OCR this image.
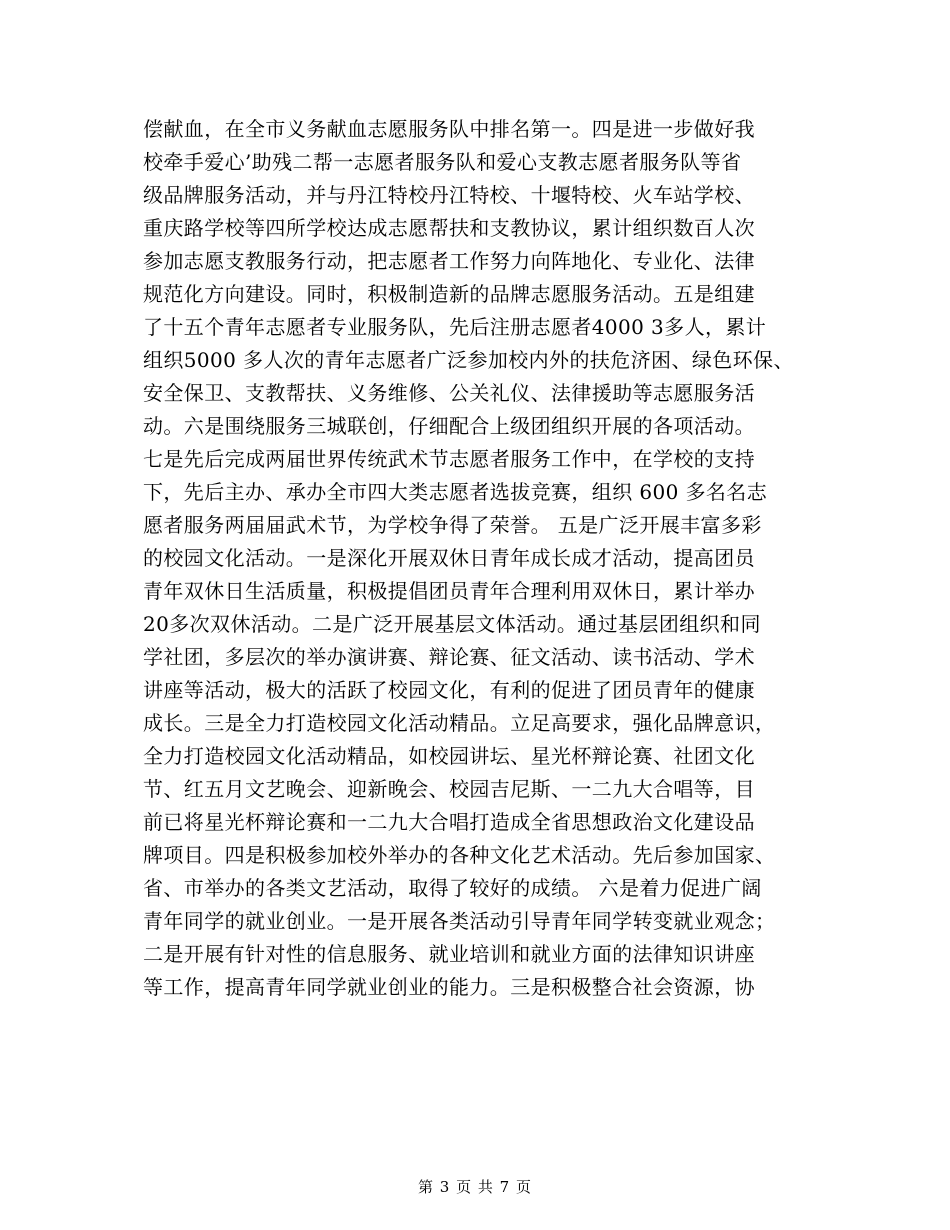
偿献血，在全市义务献血志愿服务队中排名第一。四是进一步做好我
校牵手爱心’助残二帮一志愿者服务队和爱心支教志愿者服务队等省
级品牌服务活动，并与丹江特校丹江特校、十堰特校、火车站学校、
重庆路学校等四所学校达成志愿帮扶和支教协议，累计组织数百人次
参加志愿支教服务行动，把志愿者工作努力向阵地化、专业化、法律
规范化方向建设。同时，积极制造新的品牌志愿服务活动。五是组建
了十五个青年志愿者专业服务队，先后注册志愿者4000 3多人，累计
组织5000 多人次的青年志愿者广泛参加校内外的扶危济困、绿色环保、
安全保卫、支教帮扶、义务维修、公关礼仪、法律援助等志愿服务活
动。六是围绕服务三城联创，仔细配合上级团组织开展的各项活动。
七是先后完成两届世界传统武术节志愿者服务工作中，在学校的支持
下，先后主办、承办全市四大类志愿者选拔竞赛，组织 600 多名名志
愿者服务两届届武术节，为学校争得了荣誉。 五是广泛开展丰富多彩
的校园文化活动。一是深化开展双休日青年成长成才活动，提高团员
青年双休日生活质量，积极提倡团员青年合理利用双休日，累计举办
20多次双休活动。二是广泛开展基层文体活动。通过基层团组织和同
学社团，多层次的举办演讲赛、辩论赛、征文活动、读书活动、学术
讲座等活动，极大的活跃了校园文化，有利的促进了团员青年的健康
成长。三是全力打造校园文化活动精品。立足高要求，强化品牌意识，
全力打造校园文化活动精品，如校园讲坛、星光杯辩论赛、社团文化
节、红五月文艺晚会、迎新晚会、校园吉尼斯、一二九大合唱等，目
前已将星光杯辩论赛和一二九大合唱打造成全省思想政治文化建设品
牌项目。四是积极参加校外举办的各种文化艺术活动。先后参加国家、
省、市举办的各类文艺活动，取得了较好的成绩。 六是着力促进广阔
青年同学的就业创业。一是开展各类活动引导青年同学转变就业观念；
二是开展有针对性的信息服务、就业培训和就业方面的法律知识讲座
等工作，提高青年同学就业创业的能力。三是积极整合社会资源，协
第 3 页 共 7 页
